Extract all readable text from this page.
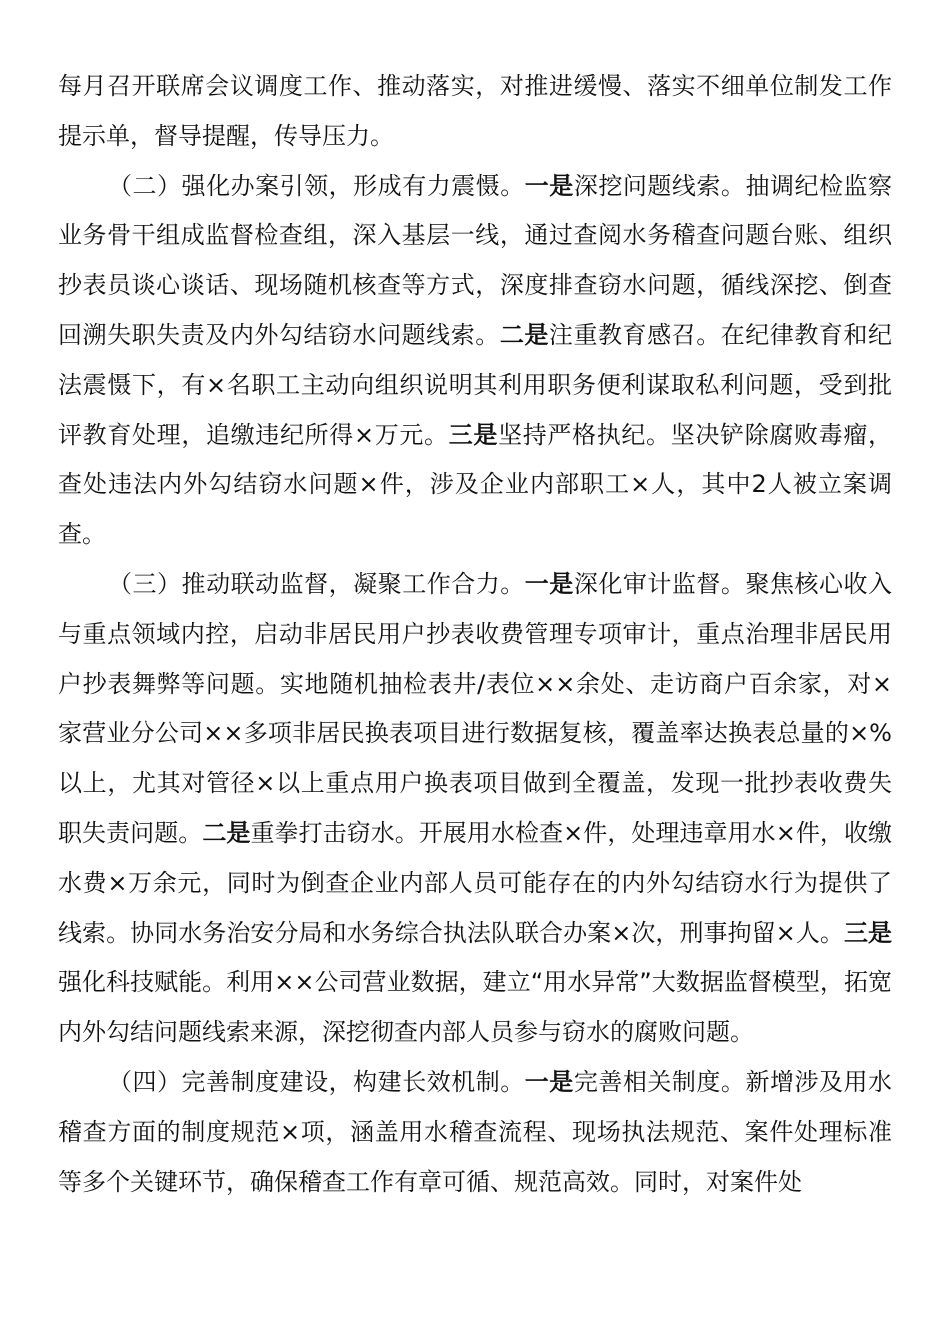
每月召开联席会议调度工作、推动落实，对推进缓慢、落实不细单位制发工作提示单，督导提醒，传导压力。

（二）强化办案引领，形成有力震慑。一是深挖问题线索。抽调纪检监察业务骨干组成监督检查组，深入基层一线，通过查阅水务稽查问题台账、组织抄表员谈心谈话、现场随机核查等方式，深度排查窃水问题，循线深挖、倒查回溯失职失责及内外勾结窃水问题线索。二是注重教育感召。在纪律教育和纪法震慑下，有×名职工主动向组织说明其利用职务便利谋取私利问题，受到批评教育处理，追缴违纪所得×万元。三是坚持严格执纪。坚决铲除腐败毒瘤，查处违法内外勾结窃水问题×件，涉及企业内部职工×人，其中2人被立案调查。

（三）推动联动监督，凝聚工作合力。一是深化审计监督。聚焦核心收入与重点领域内控，启动非居民用户抄表收费管理专项审计，重点治理非居民用户抄表舞弊等问题。实地随机抽检表井/表位××余处、走访商户百余家，对×家营业分公司××多项非居民换表项目进行数据复核，覆盖率达换表总量的×%以上，尤其对管径×以上重点用户换表项目做到全覆盖，发现一批抄表收费失职失责问题。二是重拳打击窃水。开展用水检查×件，处理违章用水×件，收缴水费×万余元，同时为倒查企业内部人员可能存在的内外勾结窃水行为提供了线索。协同水务治安分局和水务综合执法队联合办案×次，刑事拘留×人。三是强化科技赋能。利用××公司营业数据，建立“用水异常”大数据监督模型，拓宽内外勾结问题线索来源，深挖彻查内部人员参与窃水的腐败问题。

（四）完善制度建设，构建长效机制。一是完善相关制度。新增涉及用水稽查方面的制度规范×项，涵盖用水稽查流程、现场执法规范、案件处理标准等多个关键环节，确保稽查工作有章可循、规范高效。同时，对案件处
